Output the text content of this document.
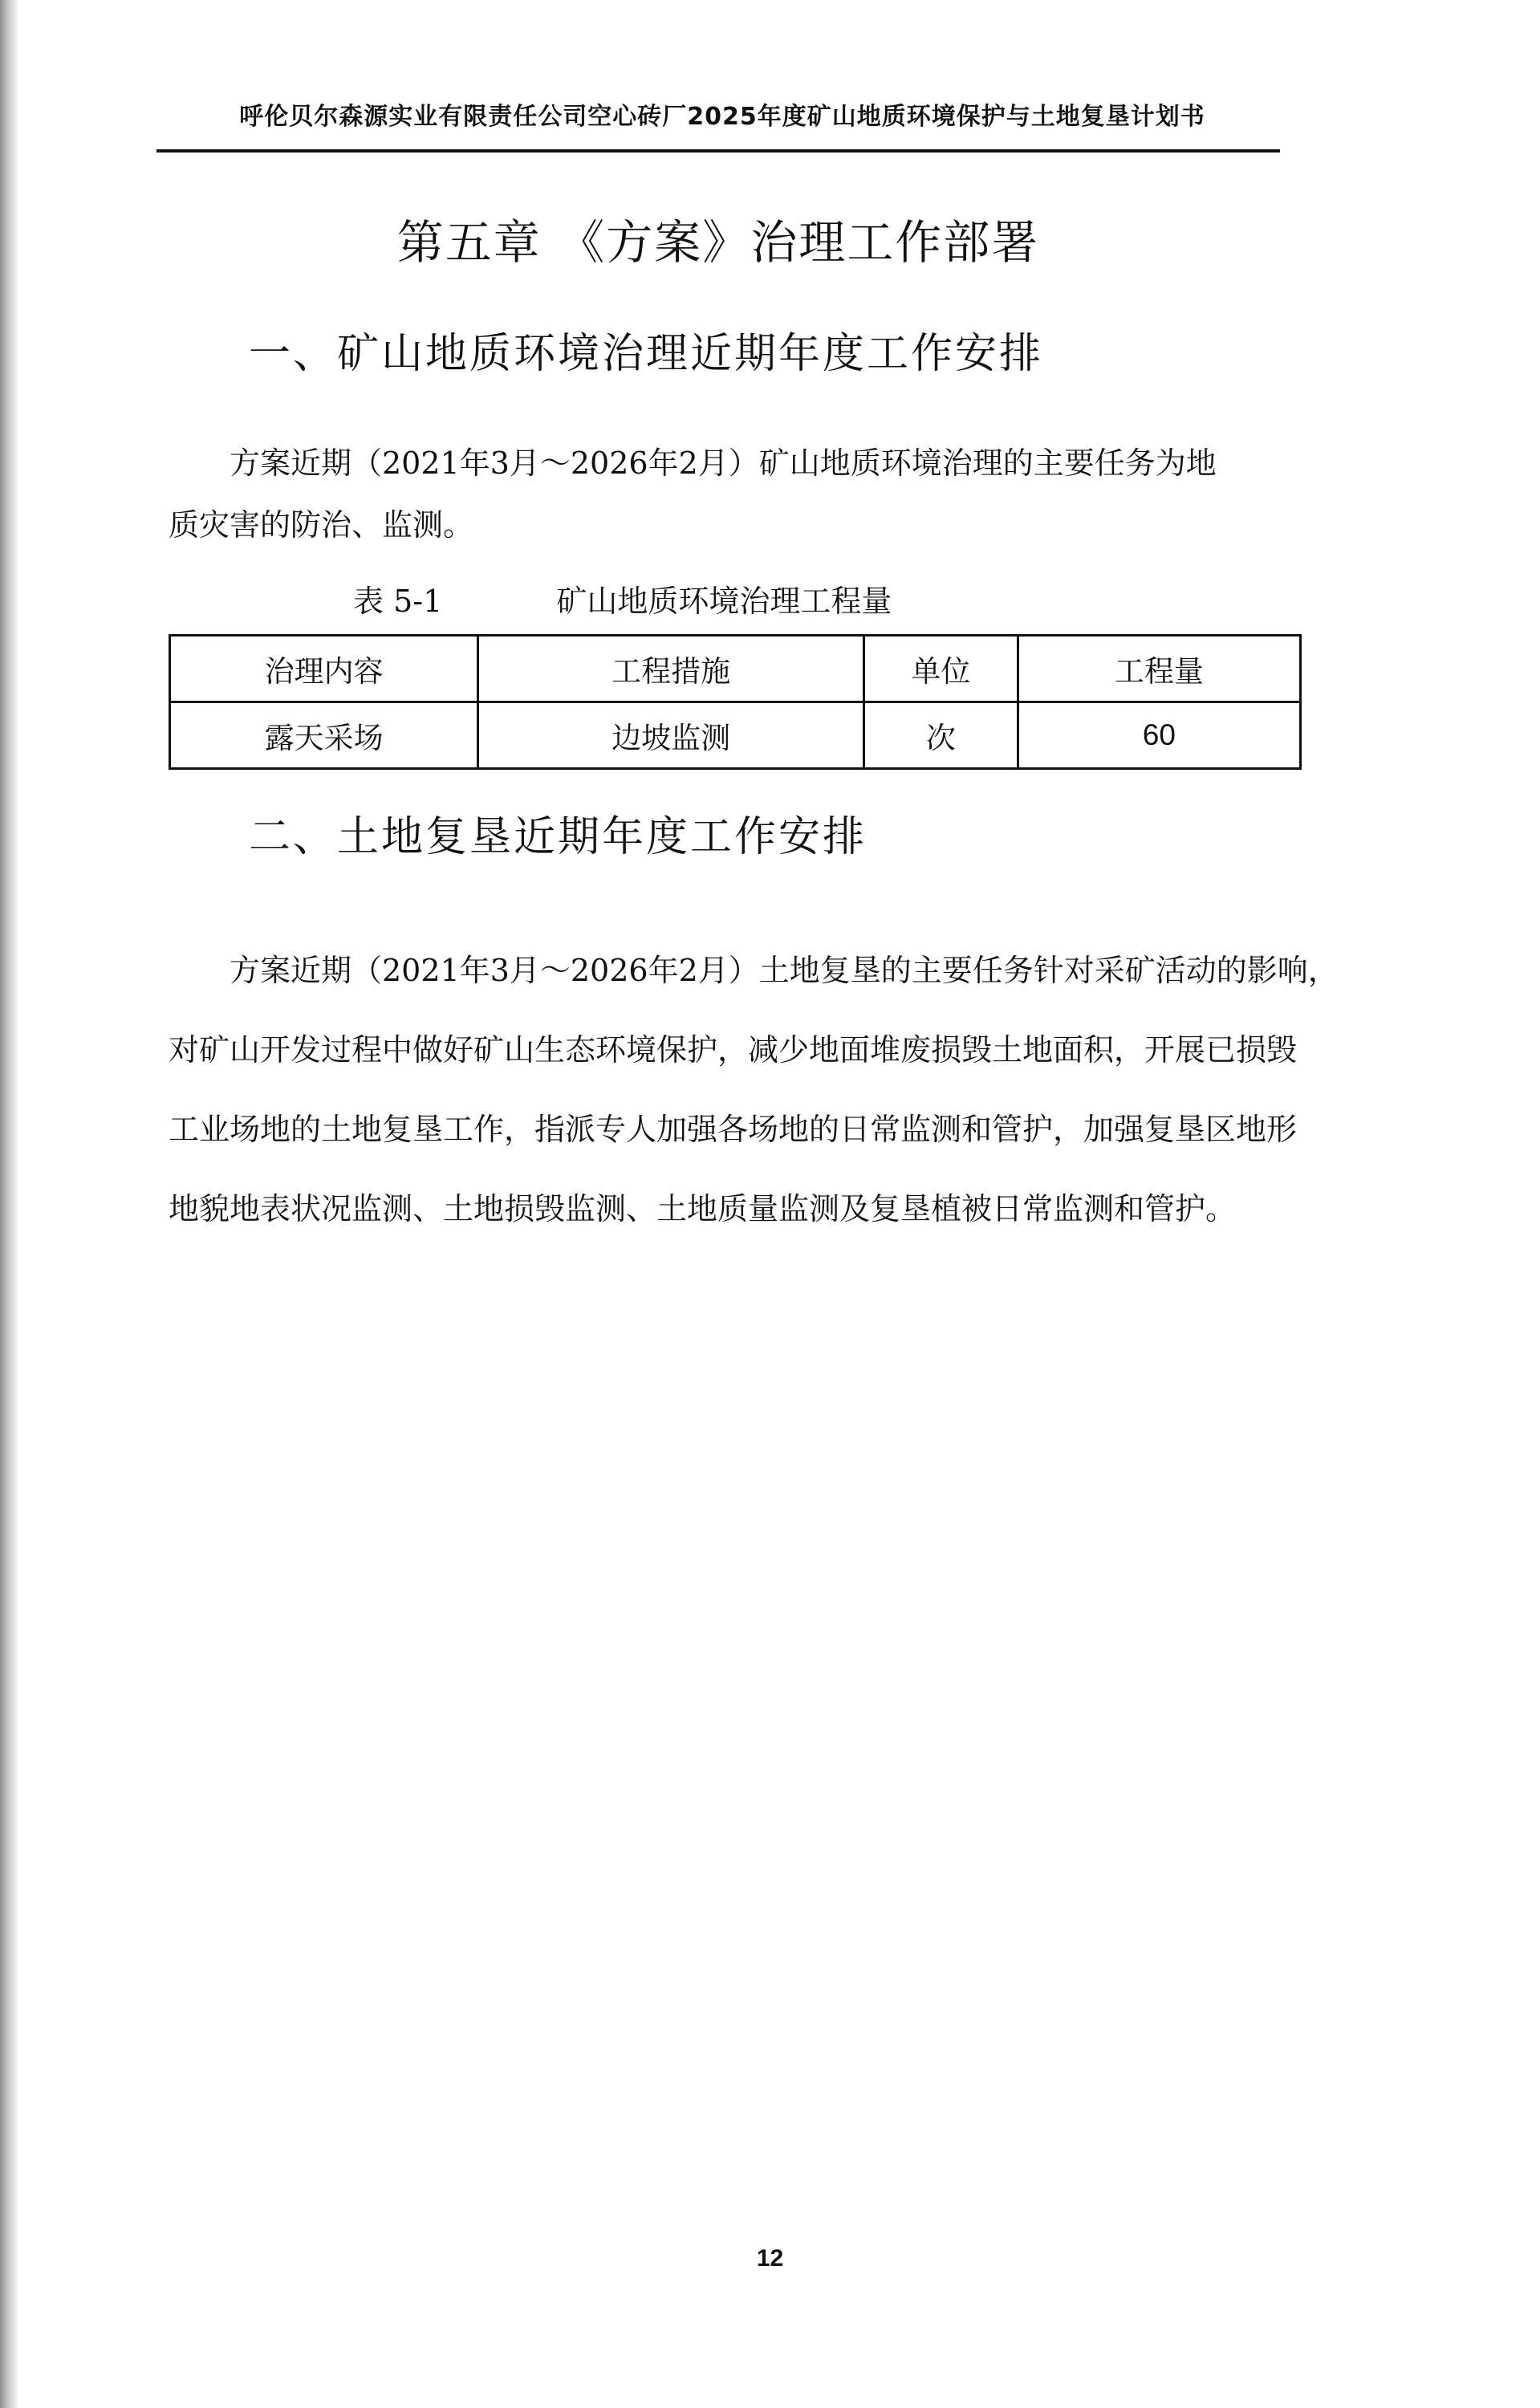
呼伦贝尔森源实业有限责任公司空心砖厂2025年度矿山地质环境保护与土地复垦计划书
第五章 《方案》治理工作部署
一、矿山地质环境治理近期年度工作安排
方案近期（2021年3月～2026年2月）矿山地质环境治理的主要任务为地
质灾害的防治、监测。
表 5-1	矿山地质环境治理工程量
治理内容	工程措施	单位	工程量
露天采场	边坡监测	次	60
二、土地复垦近期年度工作安排
方案近期（2021年3月～2026年2月）土地复垦的主要任务针对采矿活动的影响，
对矿山开发过程中做好矿山生态环境保护，减少地面堆废损毁土地面积，开展已损毁
工业场地的土地复垦工作，指派专人加强各场地的日常监测和管护，加强复垦区地形
地貌地表状况监测、土地损毁监测、土地质量监测及复垦植被日常监测和管护。
12
